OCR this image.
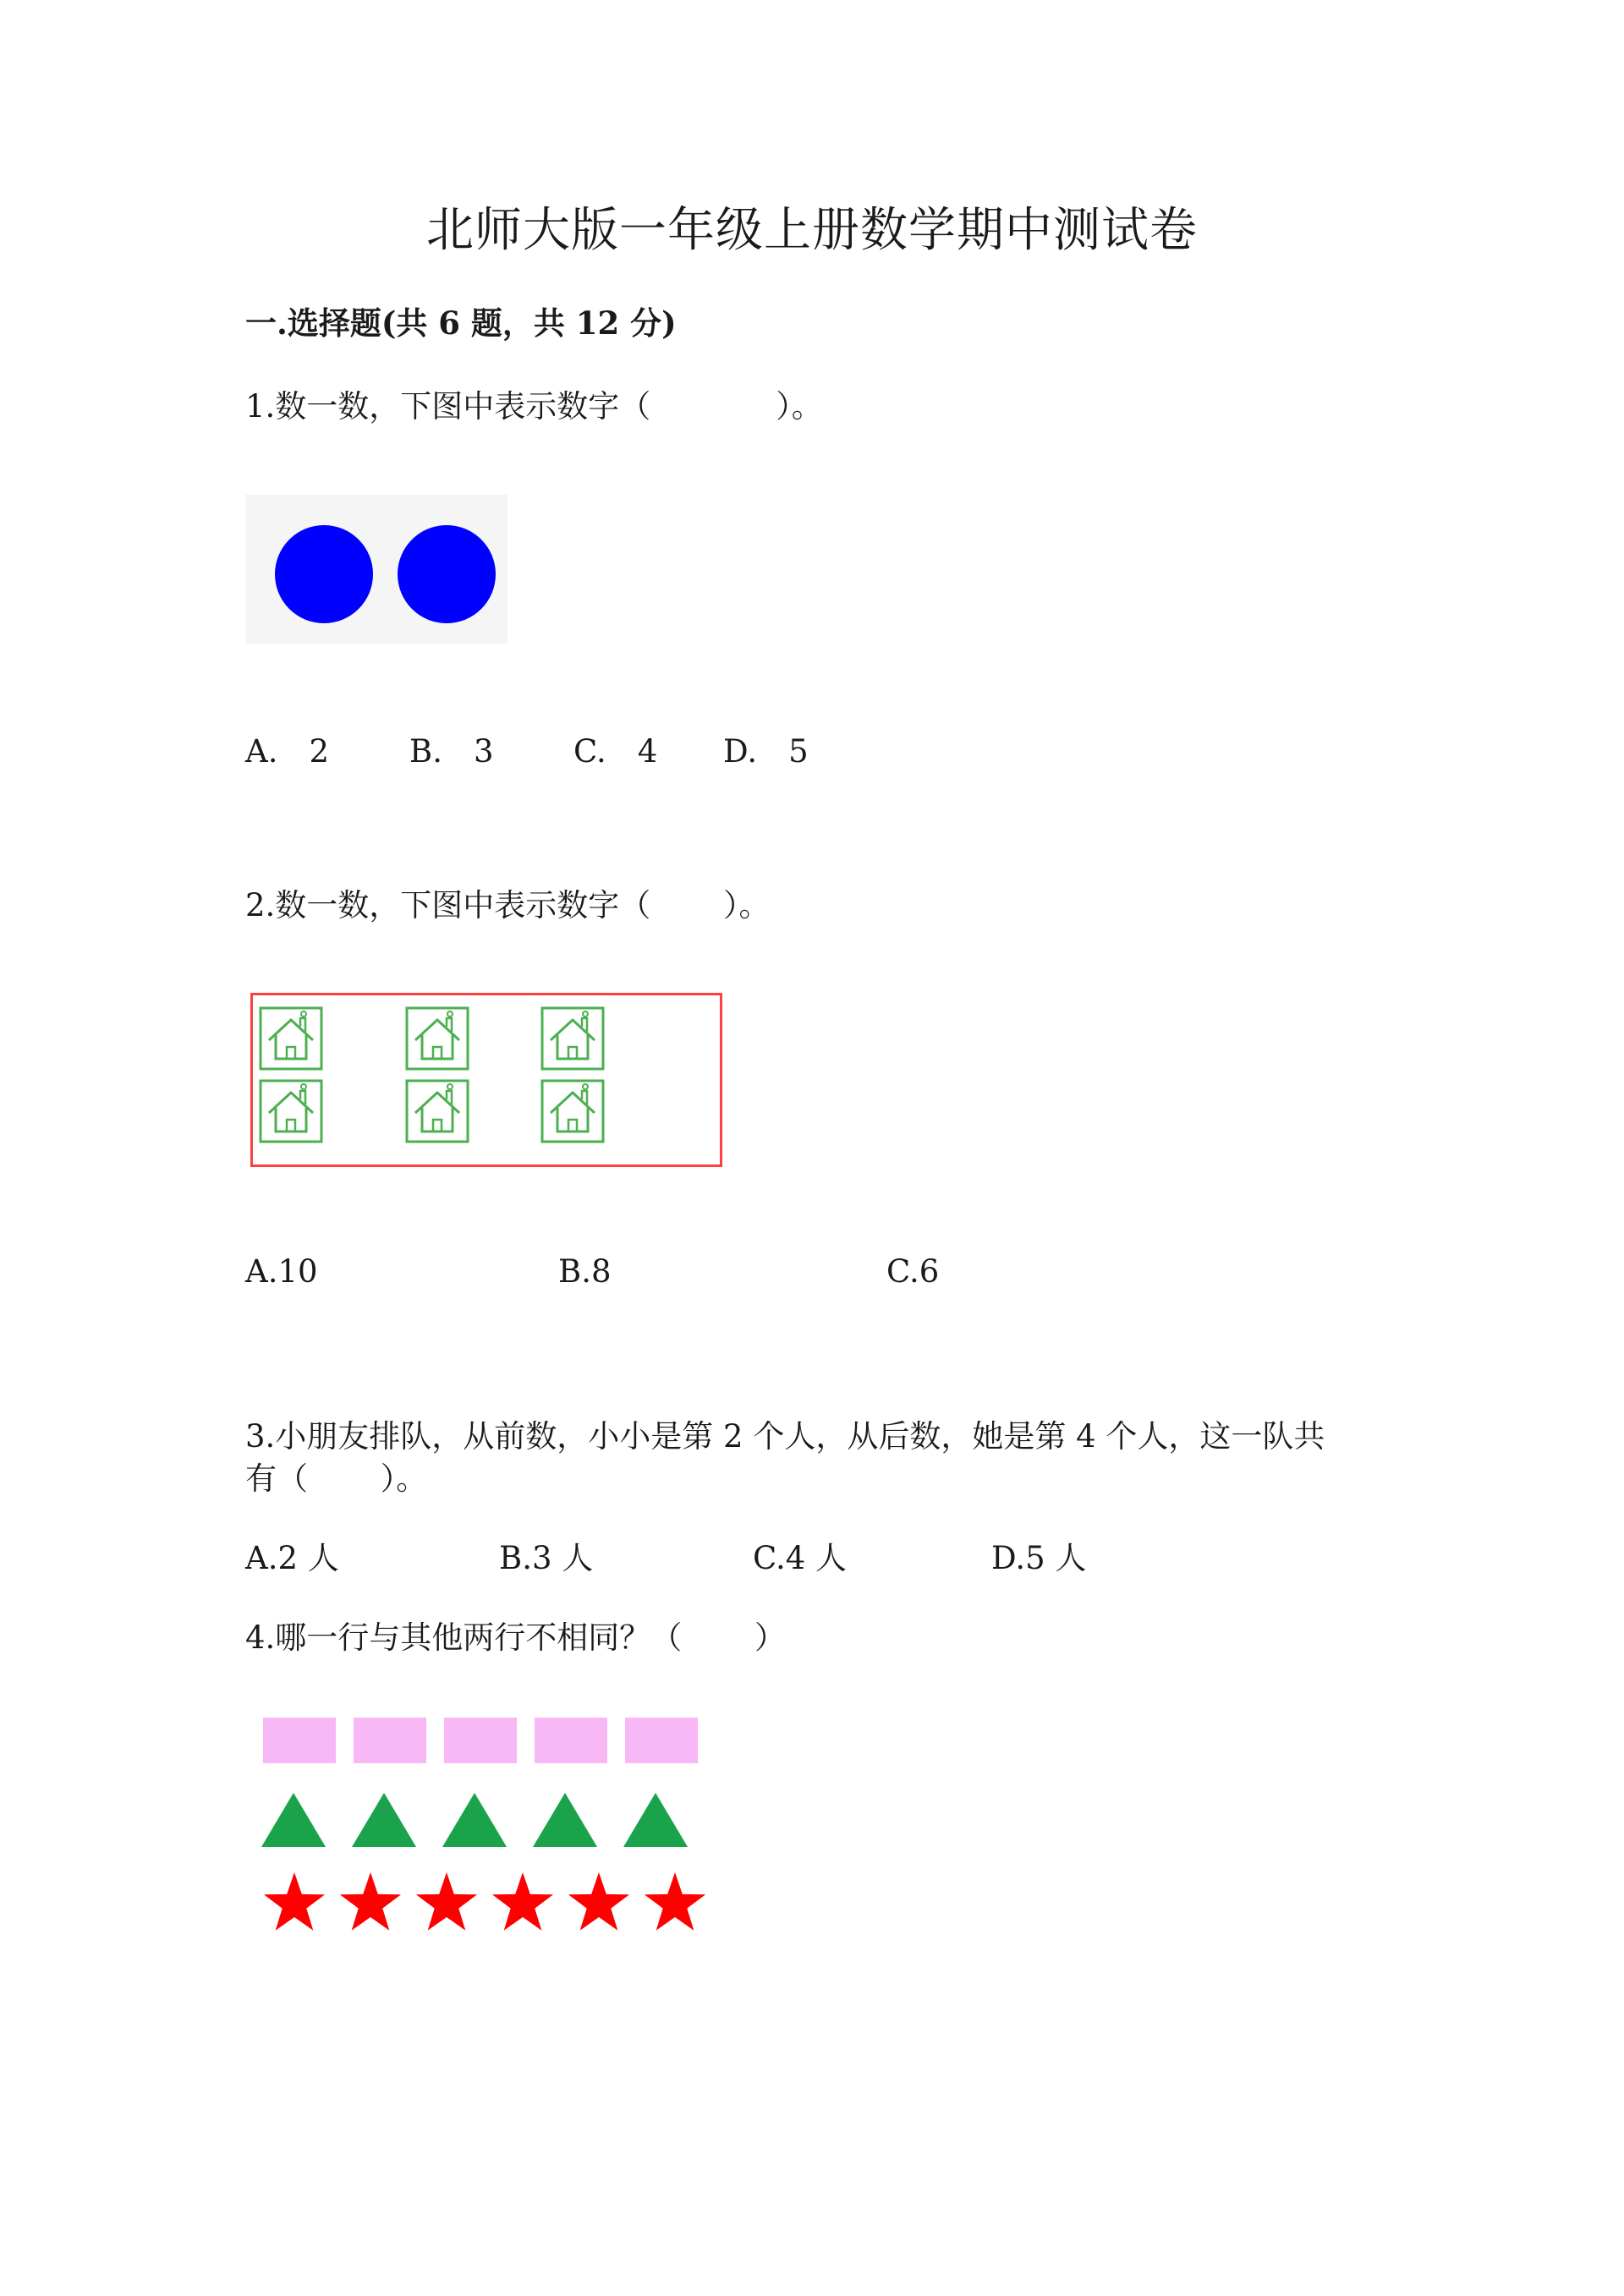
北师大版一年级上册数学期中测试卷
一.选择题(共 6 题，共 12 分)
1.数一数，下图中表示数字（　　　　）。
A.　2	B.　3	C.　4 D.　5
2.数一数，下图中表示数字（　　 ）。
A.10	B.8	C.6
3.小朋友排队，从前数，小小是第 2 个人，从后数，她是第 4 个人，这一队共
有（　　 ）。
A.2 人	B.3 人	C.4 人	D.5 人
4.哪一行与其他两行不相同？（　　 ）
